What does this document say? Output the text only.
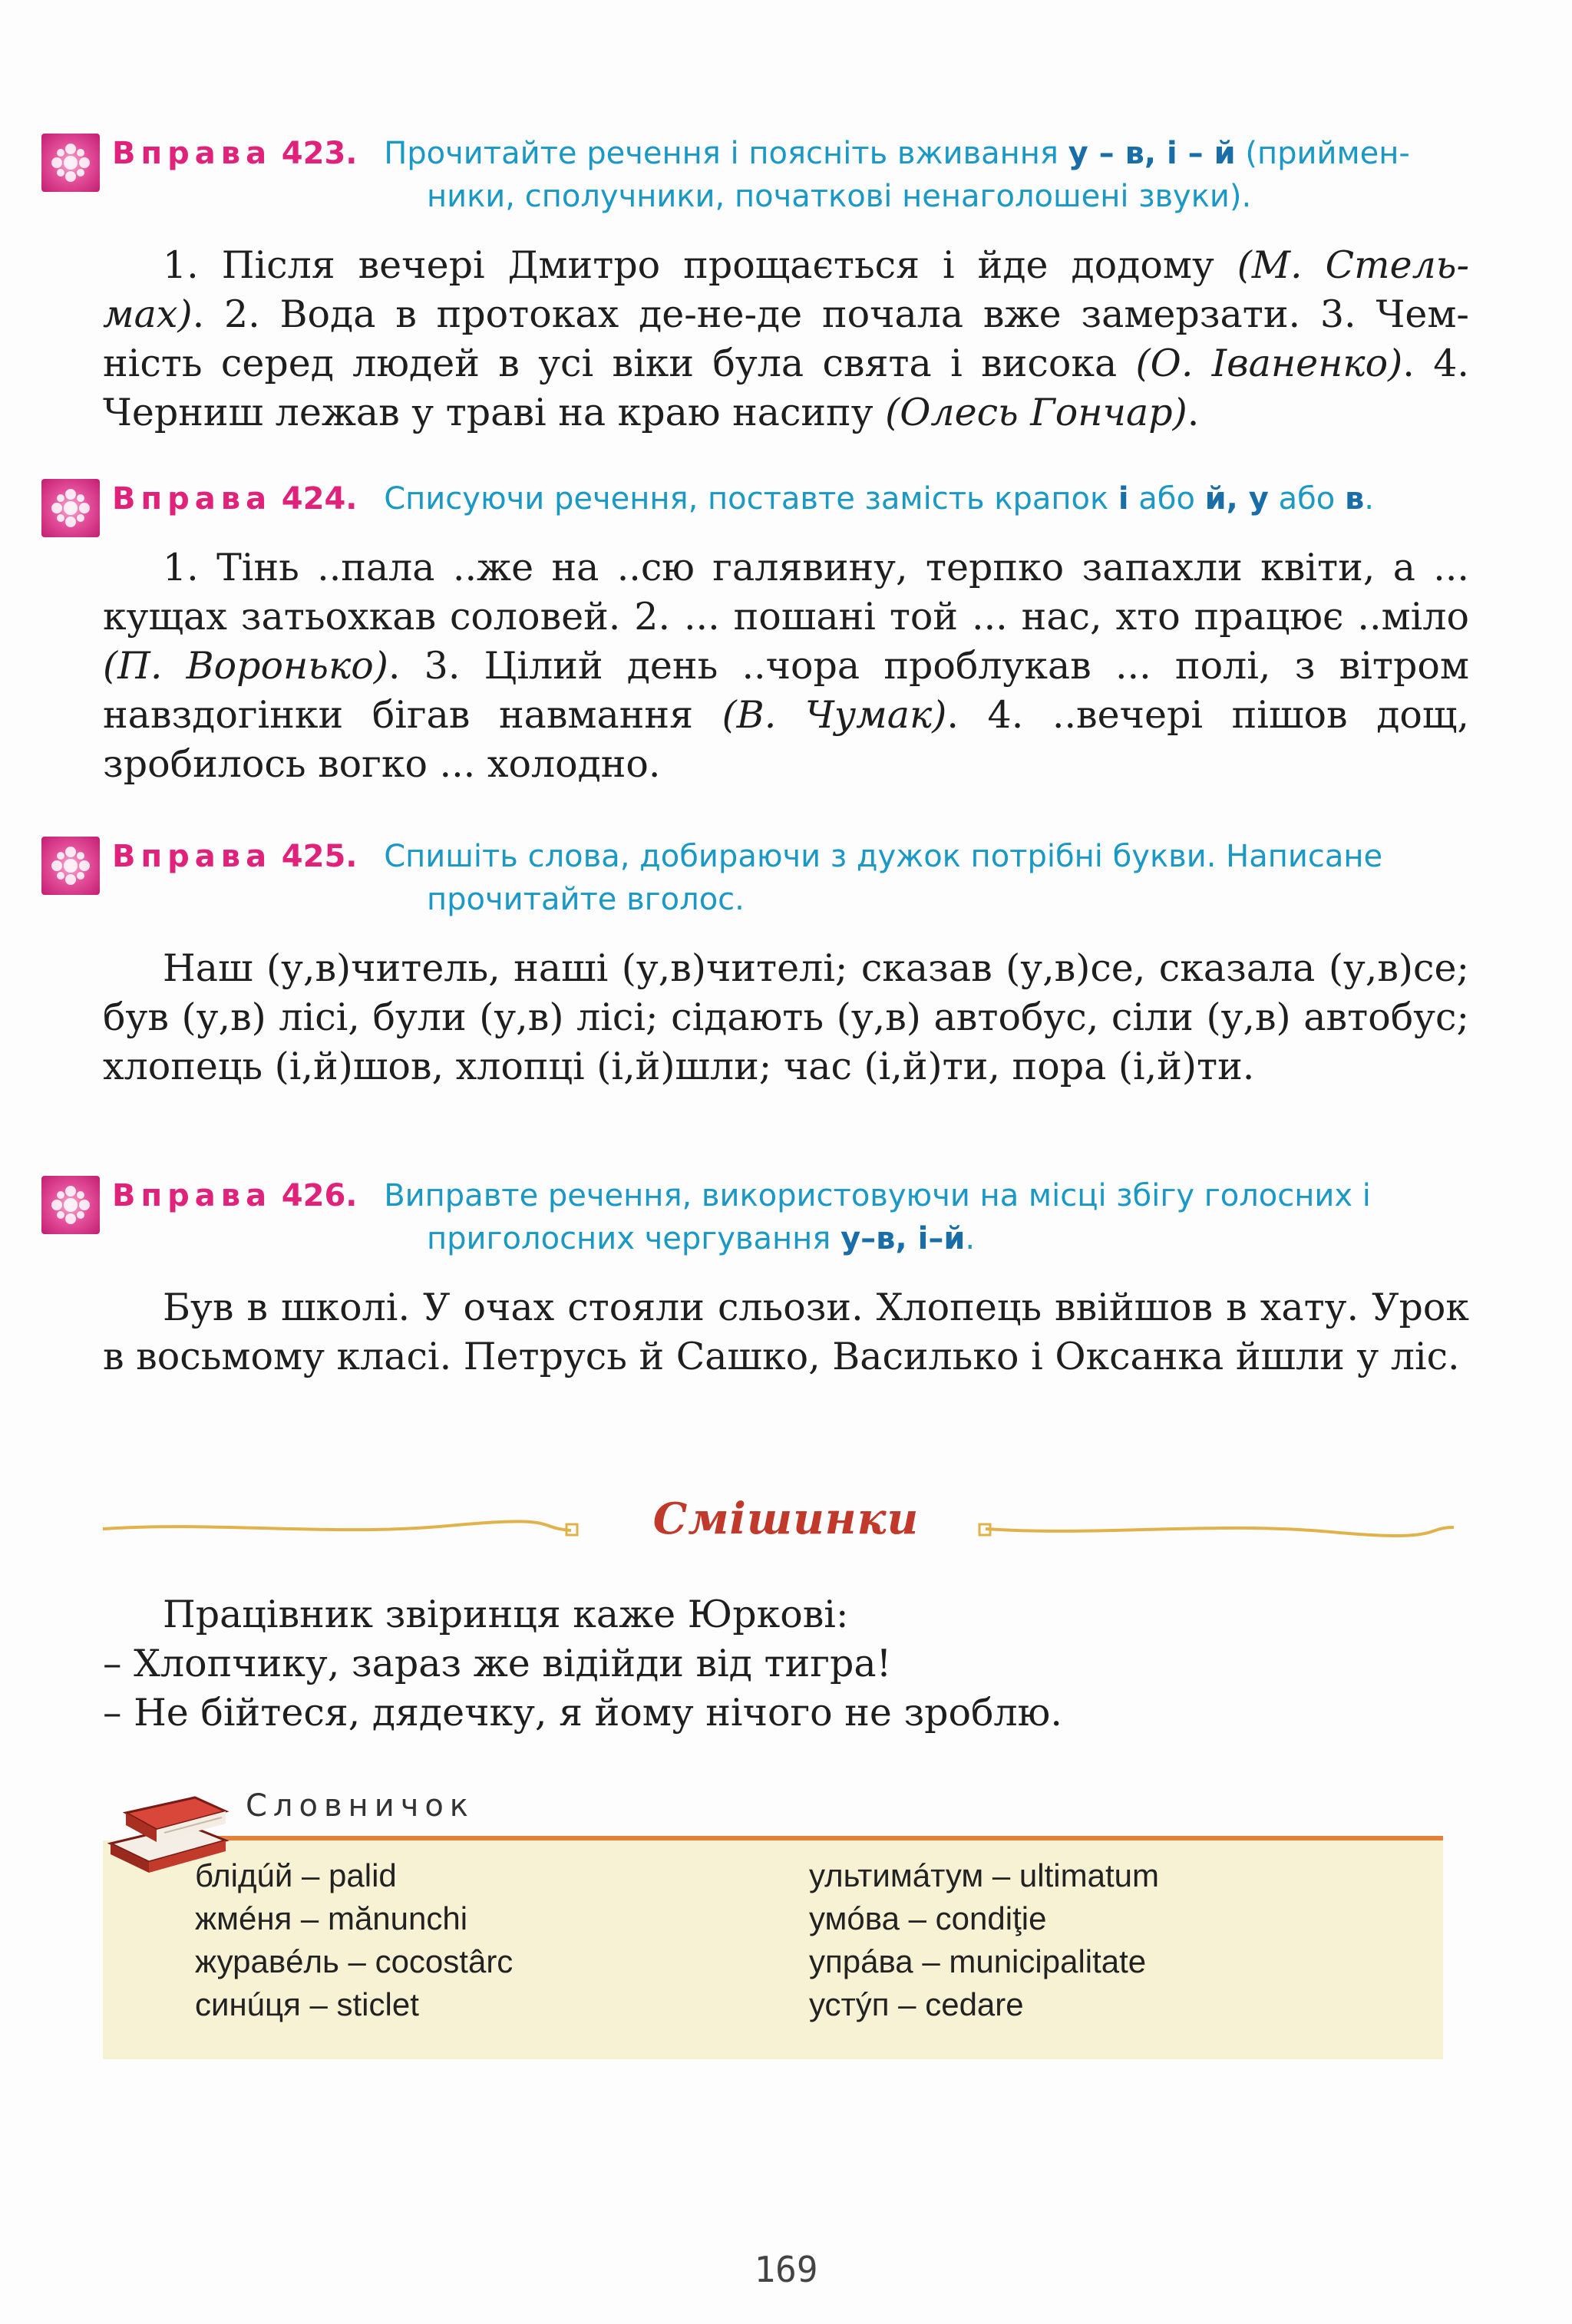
Вправа 423. Прочитайте речення і поясніть вживання у – в, і – й (приймен-
ники, сполучники, початкові ненаголошені звуки).
1. Після вечері Дмитро прощається і йде додому (М. Стель-мах). 2. Вода в протоках де-не-де почала вже замерзати. 3. Чем-ність серед людей в усі віки була свята і висока (О. Іваненко). 4. Черниш лежав у траві на краю насипу (Олесь Гончар).
Вправа 424. Списуючи речення, поставте замість крапок і або й, у або в.
1. Тінь ..пала ..же на ..сю галявину, терпко запахли квіти, а ... кущах затьохкав соловей. 2. ... пошані той ... нас, хто працює ..міло (П. Воронько). 3. Цілий день ..чора проблукав ... полі, з вітром навздогінки бігав навмання (В. Чумак). 4. ..вечері пішов дощ, зробилось вогко ... холодно.
Вправа 425. Спишіть слова, добираючи з дужок потрібні букви. Написане
прочитайте вголос.
Наш (у,в)читель, наші (у,в)чителі; сказав (у,в)се, сказала (у,в)се; був (у,в) лісі, були (у,в) лісі; сідають (у,в) автобус, сіли (у,в) автобус; хлопець (і,й)шов, хлопці (і,й)шли; час (і,й)ти, пора (і,й)ти.
Вправа 426. Виправте речення, використовуючи на місці збігу голосних і
приголосних чергування у–в, і–й.
Був в школі. У очах стояли сльози. Хлопець ввійшов в хату. Урок в восьмому класі. Петрусь й Сашко, Василько і Оксанка йшли у ліс.
Смішинки
Працівник звіринця каже Юркові:
– Хлопчику, зараз же відійди від тигра!
– Не бійтеся, дядечку, я йому нічого не зроблю.
блідúй – palid
жмéня – mănunchi
журавéль – cocostârc
синúця – sticlet
ультимáтум – ultimatum
умóва – condiţie
упрáва – municipalitate
устýп – cedare
Словничок
169
